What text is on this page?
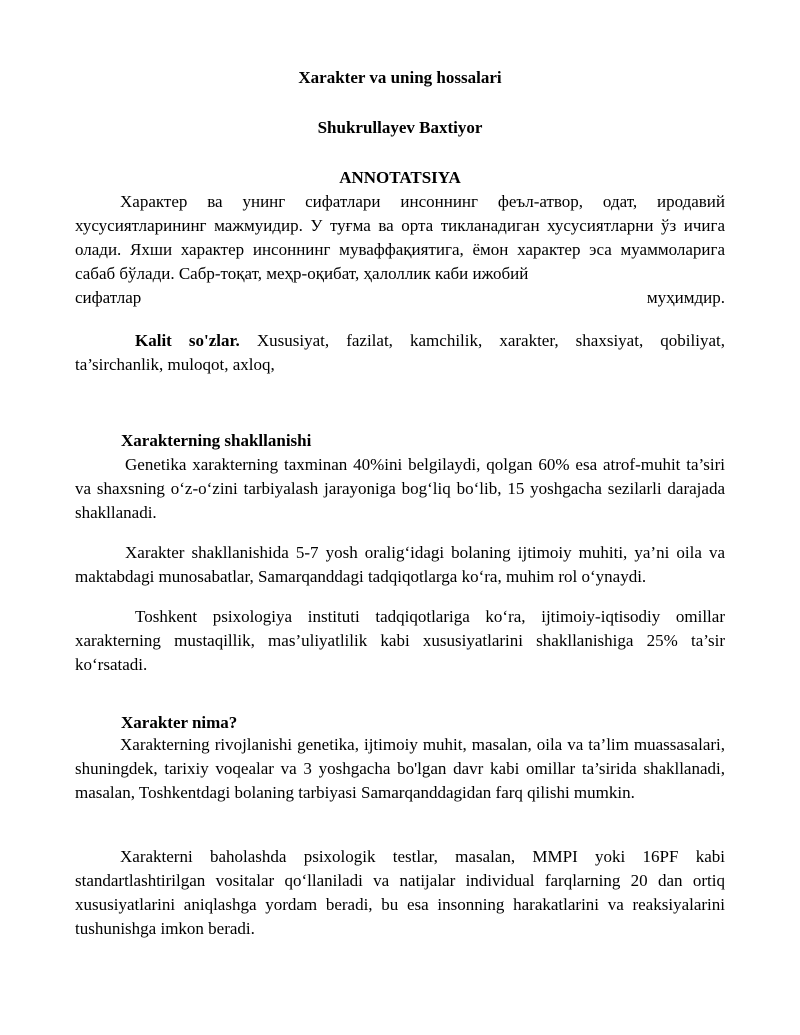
Xarakter va uning hossalari
Shukrullayev Baxtiyor
ANNOTATSIYA
Характер ва унинг сифатлари инсоннинг феъл-атвор, одат, иродавий хусусиятларининг мажмуидир. У туғма ва орта тикланадиган хусусиятларни ўз ичига олади. Яхши характер инсоннинг муваффақиятига, ёмон характер эса муаммоларига сабаб бўлади. Сабр-тоқат, меҳр-оқибат, ҳалоллик каби ижобий
сифатлар	муҳимдир.
Kalit so'zlar. Xususiyat, fazilat, kamchilik, xarakter, shaxsiyat, qobiliyat, ta’sirchanlik, muloqot, axloq,
Xarakterning shakllanishi
Genetika xarakterning taxminan 40%ini belgilaydi, qolgan 60% esa atrof-muhit ta’siri va shaxsning o‘z-o‘zini tarbiyalash jarayoniga bog‘liq bo‘lib, 15 yoshgacha sezilarli darajada shakllanadi.
Xarakter shakllanishida 5-7 yosh oralig‘idagi bolaning ijtimoiy muhiti, ya’ni oila va maktabdagi munosabatlar, Samarqanddagi tadqiqotlarga ko‘ra, muhim rol o‘ynaydi.
Toshkent psixologiya instituti tadqiqotlariga ko‘ra, ijtimoiy-iqtisodiy omillar xarakterning mustaqillik, mas’uliyatlilik kabi xususiyatlarini shakllanishiga 25% ta’sir ko‘rsatadi.
Xarakter nima?
Xarakterning rivojlanishi genetika, ijtimoiy muhit, masalan, oila va ta’lim muassasalari, shuningdek, tarixiy voqealar va 3 yoshgacha bo'lgan davr kabi omillar ta’sirida shakllanadi, masalan, Toshkentdagi bolaning tarbiyasi Samarqanddagidan farq qilishi mumkin.
Xarakterni baholashda psixologik testlar, masalan, MMPI yoki 16PF kabi standartlashtirilgan vositalar qo‘llaniladi va natijalar individual farqlarning 20 dan ortiq xususiyatlarini aniqlashga yordam beradi, bu esa insonning harakatlarini va reaksiyalarini tushunishga imkon beradi.
